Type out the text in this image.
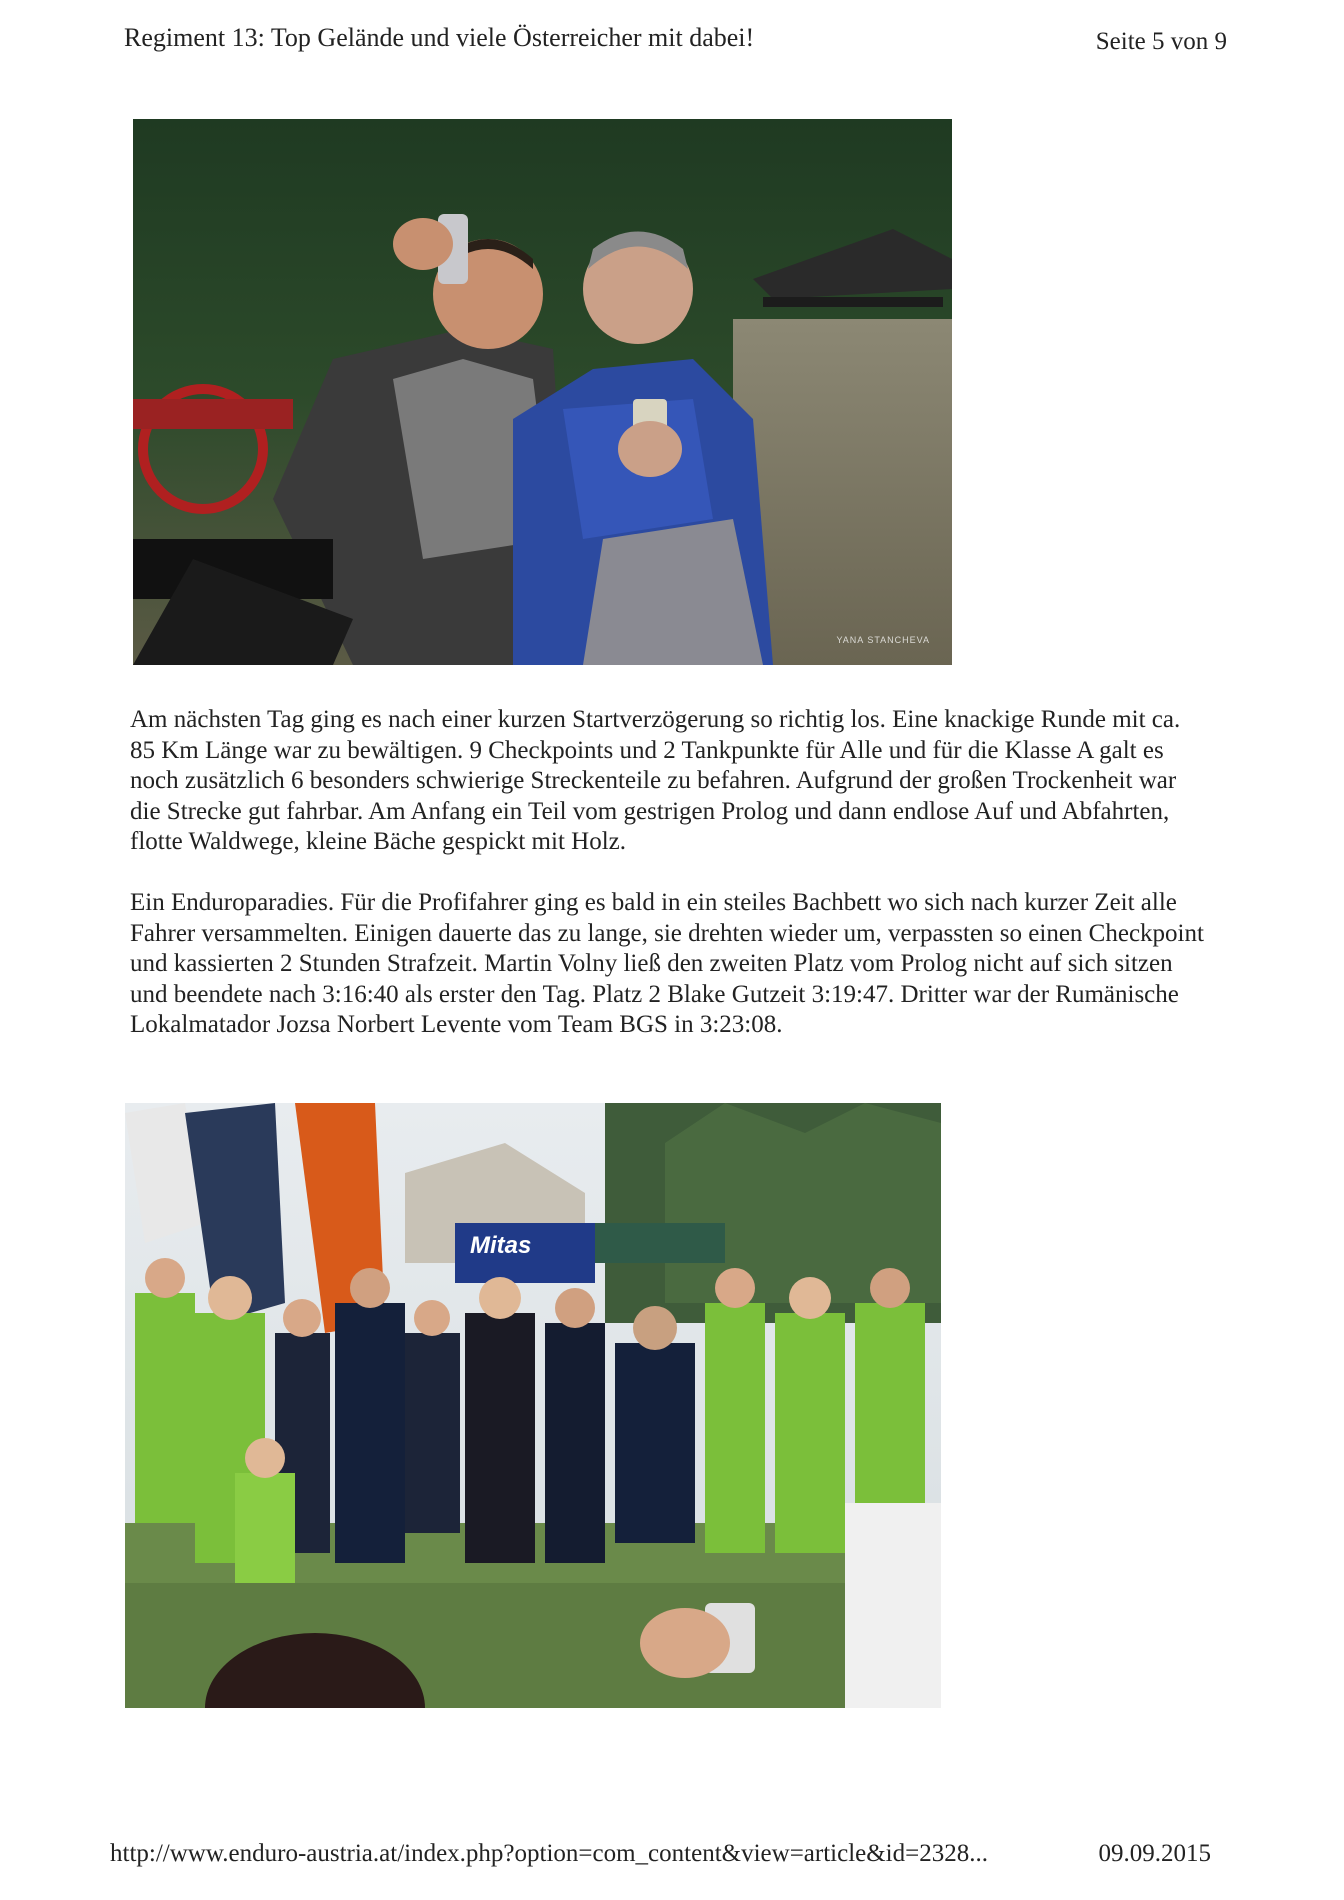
Regiment 13: Top Gelände und viele Österreicher mit dabei!	Seite 5 von 9
YANA STANCHEVA

Am nächsten Tag ging es nach einer kurzen Startverzögerung so richtig los. Eine knackige Runde mit ca. 85 Km Länge war zu bewältigen. 9 Checkpoints und 2 Tankpunkte für Alle und für die Klasse A galt es noch zusätzlich 6 besonders schwierige Streckenteile zu befahren. Aufgrund der großen Trockenheit war die Strecke gut fahrbar. Am Anfang ein Teil vom gestrigen Prolog und dann endlose Auf und Abfahrten, flotte Waldwege, kleine Bäche gespickt mit Holz.

Ein Enduroparadies. Für die Profifahrer ging es bald in ein steiles Bachbett wo sich nach kurzer Zeit alle Fahrer versammelten. Einigen dauerte das zu lange, sie drehten wieder um, verpassten so einen Checkpoint und kassierten 2 Stunden Strafzeit. Martin Volny ließ den zweiten Platz vom Prolog nicht auf sich sitzen und beendete nach 3:16:40 als erster den Tag. Platz 2 Blake Gutzeit 3:19:47. Dritter war der Rumänische Lokalmatador Jozsa Norbert Levente vom Team BGS in 3:23:08.

Mitas
http://www.enduro-austria.at/index.php?option=com_content&view=article&id=2328...	09.09.2015
